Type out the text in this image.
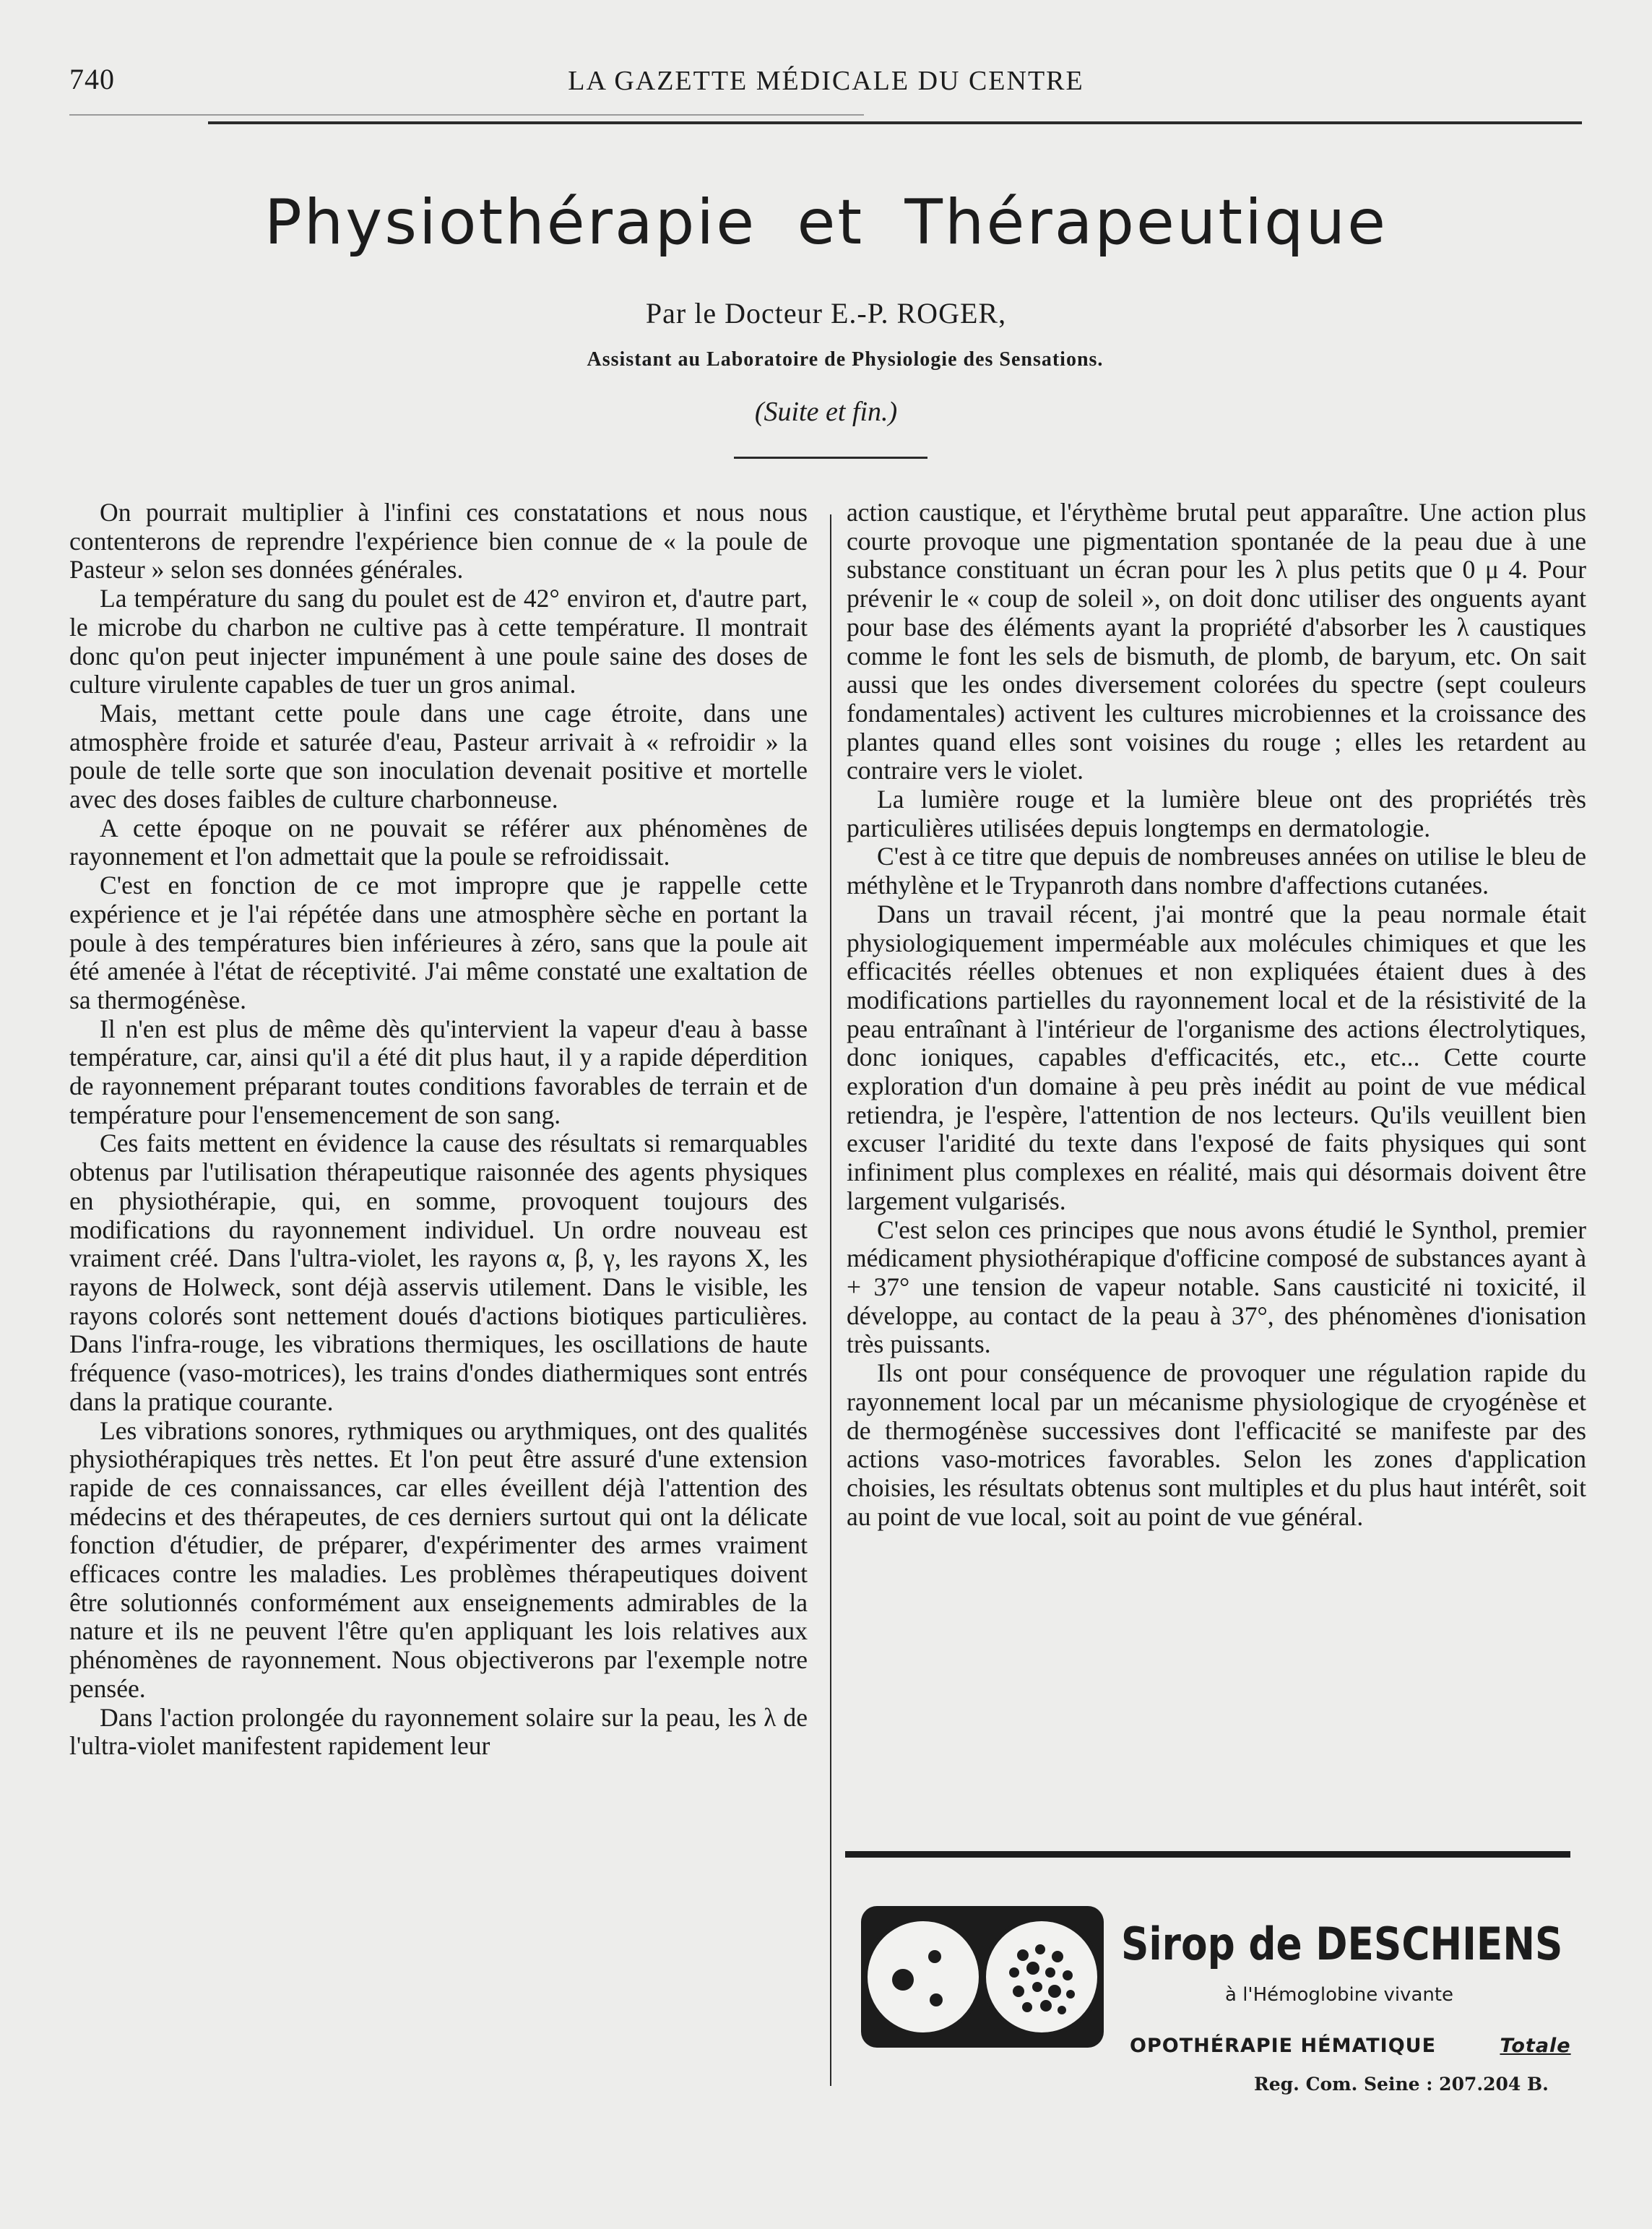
740	LA GAZETTE MÉDICALE DU CENTRE
Physiothérapie et Thérapeutique
Par le Docteur E.-P. ROGER,
Assistant au Laboratoire de Physiologie des Sensations.
(Suite et fin.)

On pourrait multiplier à l'infini ces constatations et nous nous contenterons de reprendre l'expérience bien connue de « la poule de Pasteur » selon ses données générales.

La température du sang du poulet est de 42° environ et, d'autre part, le microbe du charbon ne cultive pas à cette température. Il montrait donc qu'on peut injecter impunément à une poule saine des doses de culture virulente capables de tuer un gros animal.

Mais, mettant cette poule dans une cage étroite, dans une atmosphère froide et saturée d'eau, Pasteur arrivait à « refroidir » la poule de telle sorte que son inoculation devenait positive et mortelle avec des doses faibles de culture charbonneuse.

A cette époque on ne pouvait se référer aux phénomènes de rayonnement et l'on admettait que la poule se refroidissait.

C'est en fonction de ce mot impropre que je rappelle cette expérience et je l'ai répétée dans une atmosphère sèche en portant la poule à des températures bien inférieures à zéro, sans que la poule ait été amenée à l'état de réceptivité. J'ai même constaté une exaltation de sa thermogénèse.

Il n'en est plus de même dès qu'intervient la vapeur d'eau à basse température, car, ainsi qu'il a été dit plus haut, il y a rapide déperdition de rayonnement préparant toutes conditions favorables de terrain et de température pour l'ensemencement de son sang.

Ces faits mettent en évidence la cause des résultats si remarquables obtenus par l'utilisation thérapeutique raisonnée des agents physiques en physiothérapie, qui, en somme, provoquent toujours des modifications du rayonnement individuel. Un ordre nouveau est vraiment créé. Dans l'ultra-violet, les rayons α, β, γ, les rayons X, les rayons de Holweck, sont déjà asservis utilement. Dans le visible, les rayons colorés sont nettement doués d'actions biotiques particulières. Dans l'infra-rouge, les vibrations thermiques, les oscillations de haute fréquence (vaso-motrices), les trains d'ondes diathermiques sont entrés dans la pratique courante.

Les vibrations sonores, rythmiques ou arythmiques, ont des qualités physiothérapiques très nettes. Et l'on peut être assuré d'une extension rapide de ces connaissances, car elles éveillent déjà l'attention des médecins et des thérapeutes, de ces derniers surtout qui ont la délicate fonction d'étudier, de préparer, d'expérimenter des armes vraiment efficaces contre les maladies. Les problèmes thérapeutiques doivent être solutionnés conformément aux enseignements admirables de la nature et ils ne peuvent l'être qu'en appliquant les lois relatives aux phénomènes de rayonnement. Nous objectiverons par l'exemple notre pensée.

Dans l'action prolongée du rayonnement solaire sur la peau, les λ de l'ultra-violet manifestent rapidement leur

action caustique, et l'érythème brutal peut apparaître. Une action plus courte provoque une pigmentation spontanée de la peau due à une substance constituant un écran pour les λ plus petits que 0 μ 4. Pour prévenir le « coup de soleil », on doit donc utiliser des onguents ayant pour base des éléments ayant la propriété d'absorber les λ caustiques comme le font les sels de bismuth, de plomb, de baryum, etc. On sait aussi que les ondes diversement colorées du spectre (sept couleurs fondamentales) activent les cultures microbiennes et la croissance des plantes quand elles sont voisines du rouge ; elles les retardent au contraire vers le violet.

La lumière rouge et la lumière bleue ont des propriétés très particulières utilisées depuis longtemps en dermatologie.

C'est à ce titre que depuis de nombreuses années on utilise le bleu de méthylène et le Trypanroth dans nombre d'affections cutanées.

Dans un travail récent, j'ai montré que la peau normale était physiologiquement imperméable aux molécules chimiques et que les efficacités réelles obtenues et non expliquées étaient dues à des modifications partielles du rayonnement local et de la résistivité de la peau entraînant à l'intérieur de l'organisme des actions électrolytiques, donc ioniques, capables d'efficacités, etc., etc... Cette courte exploration d'un domaine à peu près inédit au point de vue médical retiendra, je l'espère, l'attention de nos lecteurs. Qu'ils veuillent bien excuser l'aridité du texte dans l'exposé de faits physiques qui sont infiniment plus complexes en réalité, mais qui désormais doivent être largement vulgarisés.

C'est selon ces principes que nous avons étudié le Synthol, premier médicament physiothérapique d'officine composé de substances ayant à + 37° une tension de vapeur notable. Sans causticité ni toxicité, il développe, au contact de la peau à 37°, des phénomènes d'ionisation très puissants.

Ils ont pour conséquence de provoquer une régulation rapide du rayonnement local par un mécanisme physiologique de cryogénèse et de thermogénèse successives dont l'efficacité se manifeste par des actions vaso-motrices favorables. Selon les zones d'application choisies, les résultats obtenus sont multiples et du plus haut intérêt, soit au point de vue local, soit au point de vue général.

Sirop de DESCHIENS
à l'Hémoglobine vivante
OPOTHÉRAPIE HÉMATIQUE	Totale
Reg. Com. Seine : 207.204 B.
